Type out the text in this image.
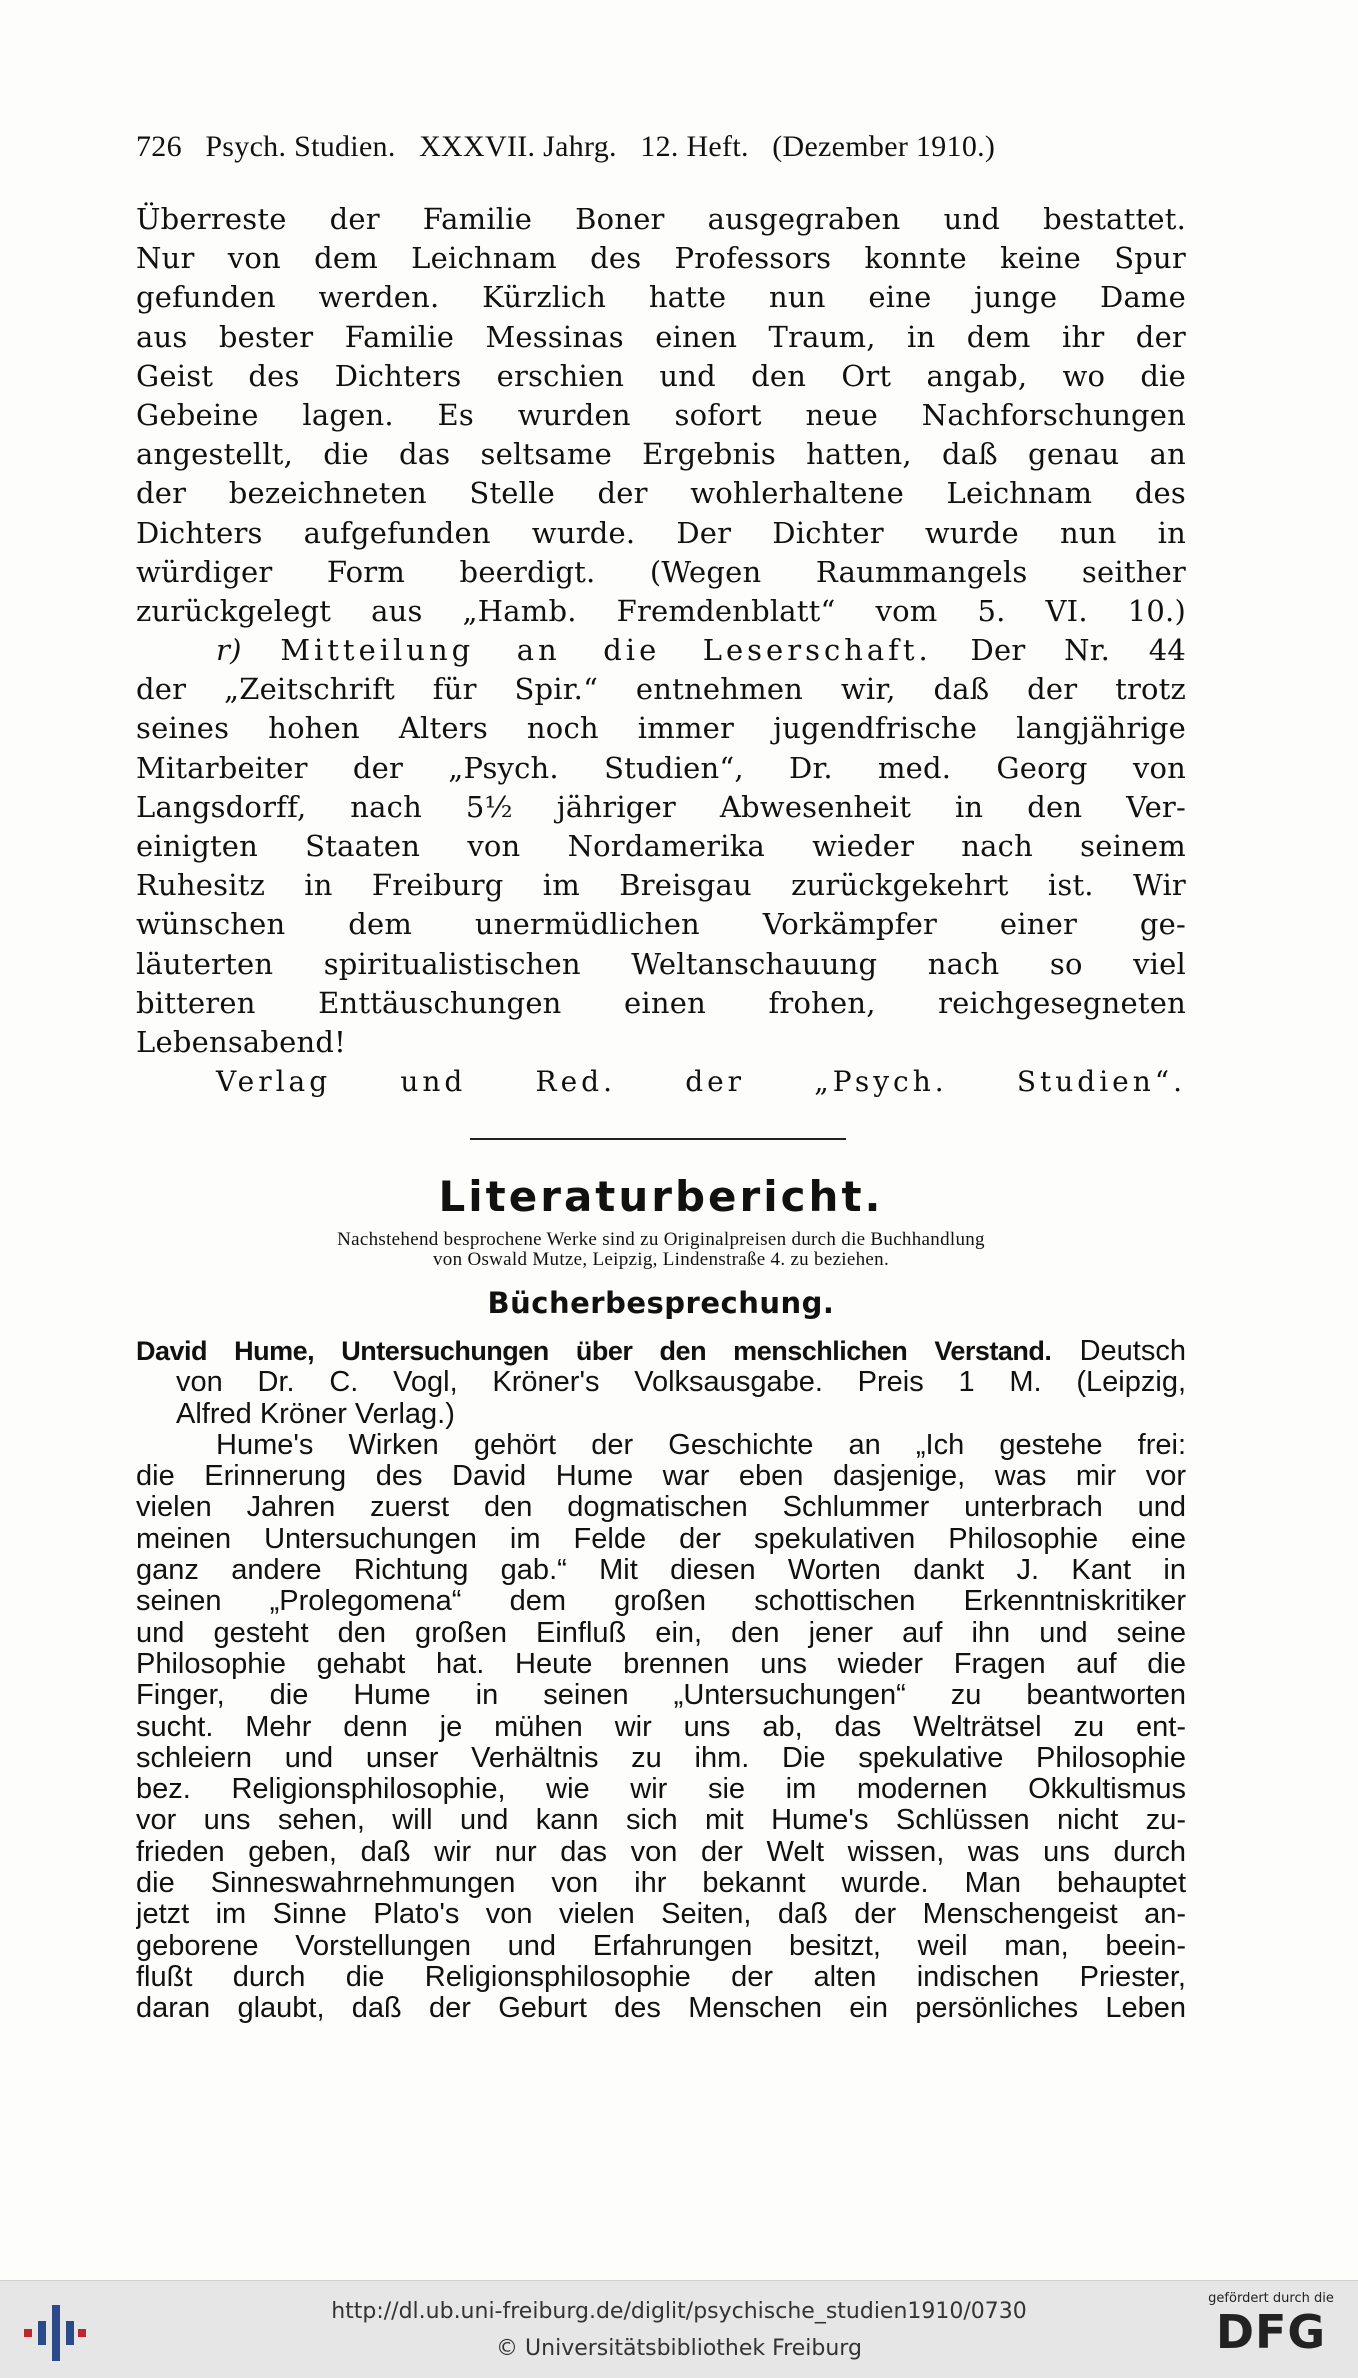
726 Psych. Studien. XXXVII. Jahrg. 12. Heft. (Dezember 1910.)
Überreste der Familie Boner ausgegraben und bestattet.
Nur von dem Leichnam des Professors konnte keine Spur
gefunden werden. Kürzlich hatte nun eine junge Dame
aus bester Familie Messinas einen Traum, in dem ihr der
Geist des Dichters erschien und den Ort angab, wo die
Gebeine lagen. Es wurden sofort neue Nachforschungen
angestellt, die das seltsame Ergebnis hatten, daß genau an
der bezeichneten Stelle der wohlerhaltene Leichnam des
Dichters aufgefunden wurde. Der Dichter wurde nun in
würdiger Form beerdigt. (Wegen Raummangels seither
zurückgelegt aus „Hamb. Fremdenblatt“ vom 5. VI. 10.)
r) Mitteilung an die Leserschaft. Der Nr. 44
der „Zeitschrift für Spir.“ entnehmen wir, daß der trotz
seines hohen Alters noch immer jugendfrische langjährige
Mitarbeiter der „Psych. Studien“, Dr. med. Georg von
Langsdorff, nach 5½ jähriger Abwesenheit in den Ver-
einigten Staaten von Nordamerika wieder nach seinem
Ruhesitz in Freiburg im Breisgau zurückgekehrt ist. Wir
wünschen dem unermüdlichen Vorkämpfer einer ge-
läuterten spiritualistischen Weltanschauung nach so viel
bitteren Enttäuschungen einen frohen, reichgesegneten
Lebensabend!
Verlag und Red. der „Psych. Studien“.
Literaturbericht.
Nachstehend besprochene Werke sind zu Originalpreisen durch die Buchhandlung
von Oswald Mutze, Leipzig, Lindenstraße 4. zu beziehen.
Bücherbesprechung.
David Hume, Untersuchungen über den menschlichen Verstand. Deutsch
von Dr. C. Vogl, Kröner's Volksausgabe. Preis 1 M. (Leipzig,
Alfred Kröner Verlag.)
Hume's Wirken gehört der Geschichte an „Ich gestehe frei:
die Erinnerung des David Hume war eben dasjenige, was mir vor
vielen Jahren zuerst den dogmatischen Schlummer unterbrach und
meinen Untersuchungen im Felde der spekulativen Philosophie eine
ganz andere Richtung gab.“ Mit diesen Worten dankt J. Kant in
seinen „Prolegomena“ dem großen schottischen Erkenntniskritiker
und gesteht den großen Einfluß ein, den jener auf ihn und seine
Philosophie gehabt hat. Heute brennen uns wieder Fragen auf die
Finger, die Hume in seinen „Untersuchungen“ zu beantworten
sucht. Mehr denn je mühen wir uns ab, das Welträtsel zu ent-
schleiern und unser Verhältnis zu ihm. Die spekulative Philosophie
bez. Religionsphilosophie, wie wir sie im modernen Okkultismus
vor uns sehen, will und kann sich mit Hume's Schlüssen nicht zu-
frieden geben, daß wir nur das von der Welt wissen, was uns durch
die Sinneswahrnehmungen von ihr bekannt wurde. Man behauptet
jetzt im Sinne Plato's von vielen Seiten, daß der Menschengeist an-
geborene Vorstellungen und Erfahrungen besitzt, weil man, beein-
flußt durch die Religionsphilosophie der alten indischen Priester,
daran glaubt, daß der Geburt des Menschen ein persönliches Leben
http://dl.ub.uni-freiburg.de/diglit/psychische_studien1910/0730
© Universitätsbibliothek Freiburg
gefördert durch die
DFG
